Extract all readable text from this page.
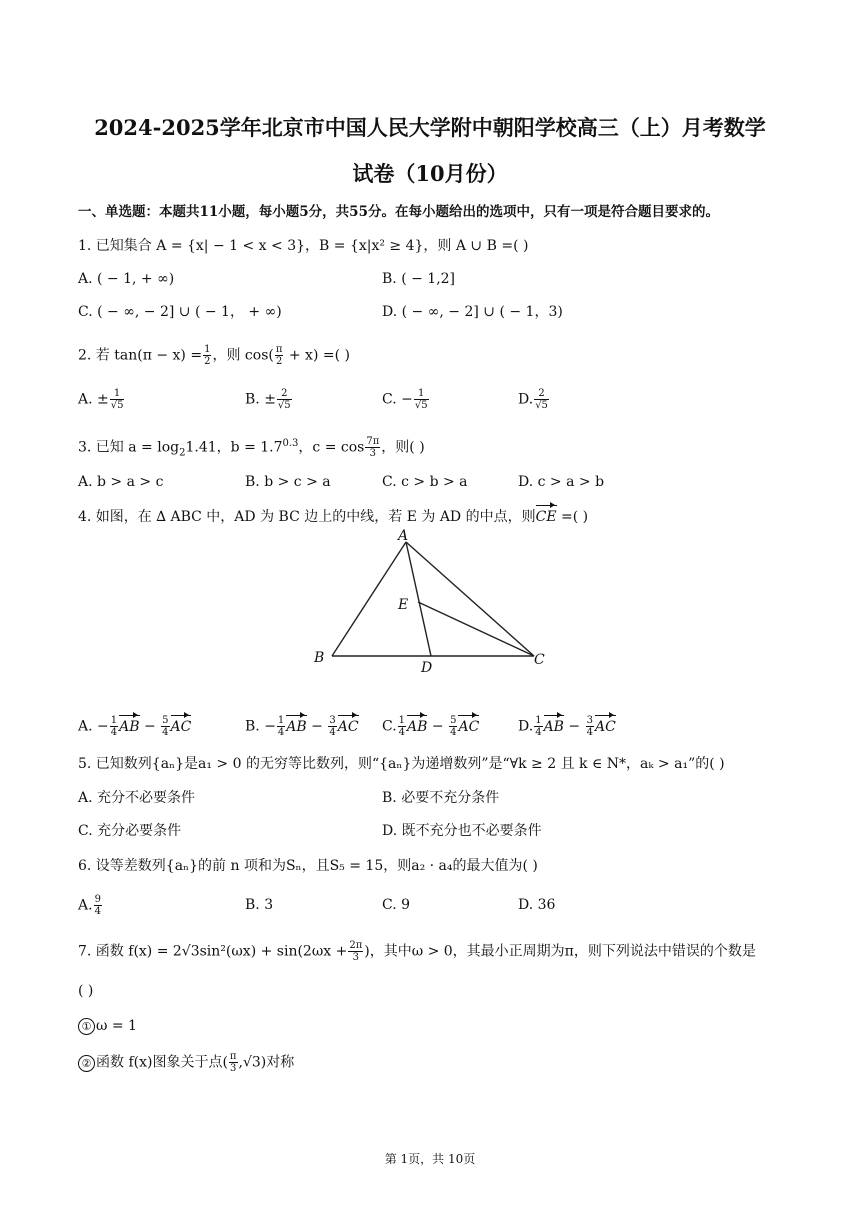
2024-2025学年北京市中国人民大学附中朝阳学校高三（上）月考数学
试卷（10月份）
一、单选题：本题共11小题，每小题5分，共55分。在每小题给出的选项中，只有一项是符合题目要求的。
1. 已知集合 A = {x| − 1 < x < 3}，B = {x|x² ≥ 4}，则 A ∪ B =( )
A. ( − 1, + ∞)	B. ( − 1,2]
C. ( − ∞, − 2] ∪ ( − 1， + ∞)	D. ( − ∞, − 2] ∪ ( − 1，3)
2. 若 $\tan(\pi - x) = \frac{1}{2}$ ，则 $\cos( \frac{\pi}{2} + x)$ =( )
A. ± $\frac{1}{√5}$	B. ± $\frac{2}{√5}$	C. − $\frac{1}{√5}$	D. $\frac{2}{√5}$
3. 已知 $a = \log_21.41$，$b = 1.7^{0.3}$，$c = \cos \frac{7\pi}{3}$ ，则( )
A. b > a > c	B. b > c > a	C. c > b > a	D. c > a > b
4. 如图，在 ∆ ABC 中，AD 为 BC 边上的中线，若 E 为 AD 的中点，则CE =( )
A
B	C
D
E
A. − $\frac{1}{4}$ AB − $\frac{5}{4}$ AC	B. − $\frac{1}{4}$ AB − $\frac{3}{4}$ AC C. $\frac{1}{4}$ AB − $\frac{5}{4}$ AC	D. $\frac{1}{4}$ AB − $\frac{3}{4}$ AC
5. 已知数列{aₙ}是a₁ > 0 的无穷等比数列，则“{aₙ}为递增数列”是“∀k ≥ 2 且 k ∈ N*，aₖ > a₁”的( )
A. 充分不必要条件	B. 必要不充分条件
C. 充分必要条件	D. 既不充分也不必要条件
6. 设等差数列{aₙ}的前 n 项和为Sₙ，且S₅ = 15，则a₂ · a₄的最大值为( )
A. $\frac{9}{4}$	B. 3	C. 9	D. 36
7. 函数 $f(x) = 2√3\sin^2(\omega x) + \sin(2\omega x + \frac{2\pi}{3}$ )，其中ω > 0，其最小正周期为π，则下列说法中错误的个数是
( )
① ω = 1
② 函数 f(x)图象关于点( $\frac{\pi}{3} ,√3$)对称
第 1页，共 10页
